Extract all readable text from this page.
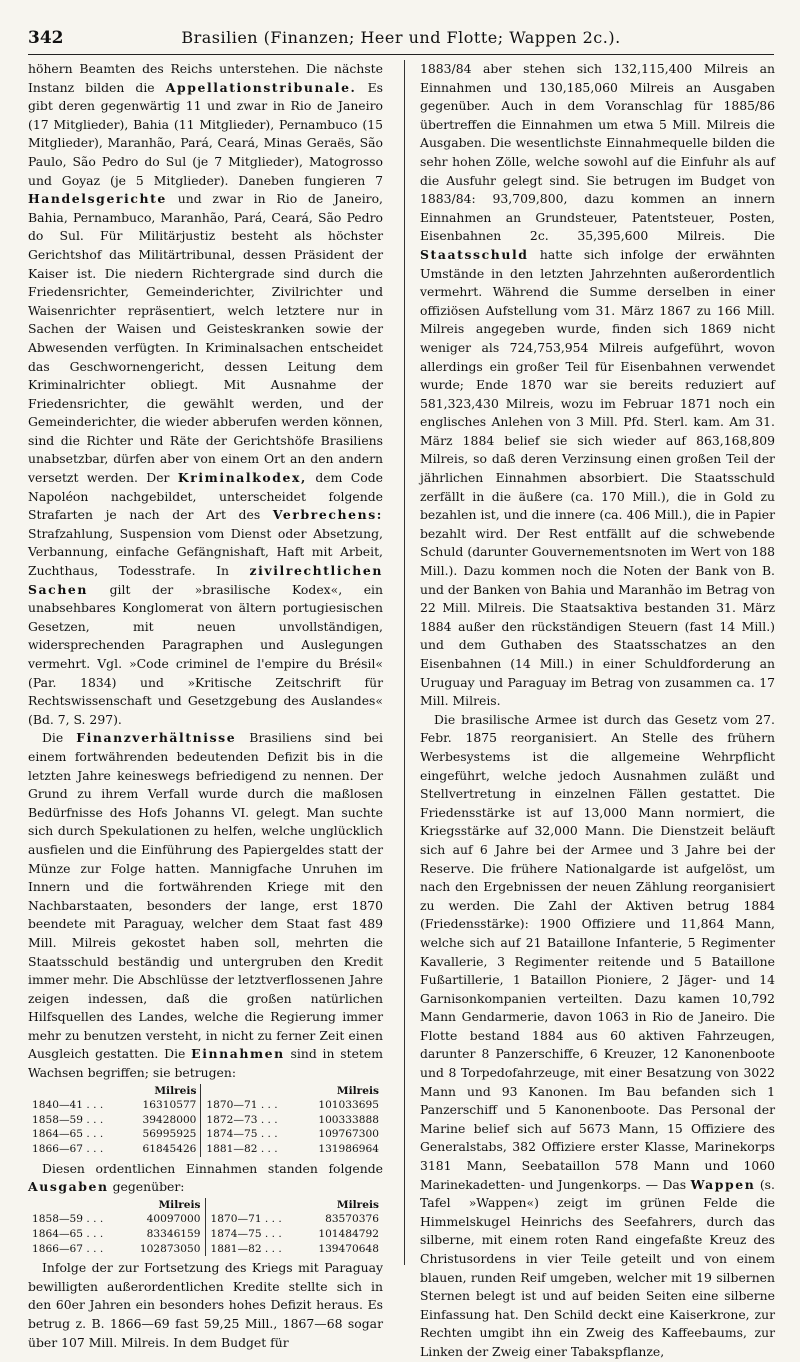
342	Brasilien (Finanzen; Heer und Flotte; Wappen 2c.).

höhern Beamten des Reichs unterstehen. Die nächste Instanz bilden die Appellationstribunale. Es gibt deren gegenwärtig 11 und zwar in Rio de Janeiro (17 Mitglieder), Bahia (11 Mitglieder), Pernambuco (15 Mitglieder), Maranhão, Pará, Ceará, Minas Geraës, São Paulo, São Pedro do Sul (je 7 Mitglieder), Matogrosso und Goyaz (je 5 Mitglieder). Daneben fungieren 7 Handelsgerichte und zwar in Rio de Janeiro, Bahia, Pernambuco, Maranhão, Pará, Ceará, São Pedro do Sul. Für Militärjustiz besteht als höchster Gerichtshof das Militärtribunal, dessen Präsident der Kaiser ist. Die niedern Richtergrade sind durch die Friedensrichter, Gemeinderichter, Zivilrichter und Waisenrichter repräsentiert, welch letztere nur in Sachen der Waisen und Geisteskranken sowie der Abwesenden verfügten. In Kriminalsachen entscheidet das Geschwornengericht, dessen Leitung dem Kriminalrichter obliegt. Mit Ausnahme der Friedensrichter, die gewählt werden, und der Gemeinderichter, die wieder abberufen werden können, sind die Richter und Räte der Gerichtshöfe Brasiliens unabsetzbar, dürfen aber von einem Ort an den andern versetzt werden. Der Kriminalkodex, dem Code Napoléon nachgebildet, unterscheidet folgende Strafarten je nach der Art des Verbrechens: Strafzahlung, Suspension vom Dienst oder Absetzung, Verbannung, einfache Gefängnishaft, Haft mit Arbeit, Zuchthaus, Todesstrafe. In zivilrechtlichen Sachen gilt der »brasilische Kodex«, ein unabsehbares Konglomerat von ältern portugiesischen Gesetzen, mit neuen unvollständigen, widersprechenden Paragraphen und Auslegungen vermehrt. Vgl. »Code criminel de l'empire du Brésil« (Par. 1834) und »Kritische Zeitschrift für Rechtswissenschaft und Gesetzgebung des Auslandes« (Bd. 7, S. 297).

Die Finanzverhältnisse Brasiliens sind bei einem fortwährenden bedeutenden Defizit bis in die letzten Jahre keineswegs befriedigend zu nennen. Der Grund zu ihrem Verfall wurde durch die maßlosen Bedürfnisse des Hofs Johanns VI. gelegt. Man suchte sich durch Spekulationen zu helfen, welche unglücklich ausfielen und die Einführung des Papiergeldes statt der Münze zur Folge hatten. Mannigfache Unruhen im Innern und die fortwährenden Kriege mit den Nachbarstaaten, besonders der lange, erst 1870 beendete mit Paraguay, welcher dem Staat fast 489 Mill. Milreis gekostet haben soll, mehrten die Staatsschuld beständig und untergruben den Kredit immer mehr. Die Abschlüsse der letztverflossenen Jahre zeigen indessen, daß die großen natürlichen Hilfsquellen des Landes, welche die Regierung immer mehr zu benutzen versteht, in nicht zu ferner Zeit einen Ausgleich gestatten. Die Einnahmen sind in stetem Wachsen begriffen; sie betrugen:

	Milreis			Milreis
1840—41 . . .	16310577		1870—71 . . .	101033695
1858—59 . . .	39428000		1872—73 . . .	100333888
1864—65 . . .	56995925		1874—75 . . .	109767300
1866—67 . . .	61845426		1881—82 . . .	131986964

Diesen ordentlichen Einnahmen standen folgende Ausgaben gegenüber:

	Milreis			Milreis
1858—59 . . .	40097000		1870—71 . . .	83570376
1864—65 . . .	83346159		1874—75 . . .	101484792
1866—67 . . .	102873050		1881—82 . . .	139470648

Infolge der zur Fortsetzung des Kriegs mit Paraguay bewilligten außerordentlichen Kredite stellte sich in den 60er Jahren ein besonders hohes Defizit heraus. Es betrug z. B. 1866—69 fast 59,25 Mill., 1867—68 sogar über 107 Mill. Milreis. In dem Budget für

1883/84 aber stehen sich 132,115,400 Milreis an Einnahmen und 130,185,060 Milreis an Ausgaben gegenüber. Auch in dem Voranschlag für 1885/86 übertreffen die Einnahmen um etwa 5 Mill. Milreis die Ausgaben. Die wesentlichste Einnahmequelle bilden die sehr hohen Zölle, welche sowohl auf die Einfuhr als auf die Ausfuhr gelegt sind. Sie betrugen im Budget von 1883/84: 93,709,800, dazu kommen an innern Einnahmen an Grundsteuer, Patentsteuer, Posten, Eisenbahnen 2c. 35,395,600 Milreis. Die Staatsschuld hatte sich infolge der erwähnten Umstände in den letzten Jahrzehnten außerordentlich vermehrt. Während die Summe derselben in einer offiziösen Aufstellung vom 31. März 1867 zu 166 Mill. Milreis angegeben wurde, finden sich 1869 nicht weniger als 724,753,954 Milreis aufgeführt, wovon allerdings ein großer Teil für Eisenbahnen verwendet wurde; Ende 1870 war sie bereits reduziert auf 581,323,430 Milreis, wozu im Februar 1871 noch ein englisches Anlehen von 3 Mill. Pfd. Sterl. kam. Am 31. März 1884 belief sie sich wieder auf 863,168,809 Milreis, so daß deren Verzinsung einen großen Teil der jährlichen Einnahmen absorbiert. Die Staatsschuld zerfällt in die äußere (ca. 170 Mill.), die in Gold zu bezahlen ist, und die innere (ca. 406 Mill.), die in Papier bezahlt wird. Der Rest entfällt auf die schwebende Schuld (darunter Gouvernementsnoten im Wert von 188 Mill.). Dazu kommen noch die Noten der Bank von B. und der Banken von Bahia und Maranhão im Betrag von 22 Mill. Milreis. Die Staatsaktiva bestanden 31. März 1884 außer den rückständigen Steuern (fast 14 Mill.) und dem Guthaben des Staatsschatzes an den Eisenbahnen (14 Mill.) in einer Schuldforderung an Uruguay und Paraguay im Betrag von zusammen ca. 17 Mill. Milreis.

Die brasilische Armee ist durch das Gesetz vom 27. Febr. 1875 reorganisiert. An Stelle des frühern Werbesystems ist die allgemeine Wehrpflicht eingeführt, welche jedoch Ausnahmen zuläßt und Stellvertretung in einzelnen Fällen gestattet. Die Friedensstärke ist auf 13,000 Mann normiert, die Kriegsstärke auf 32,000 Mann. Die Dienstzeit beläuft sich auf 6 Jahre bei der Armee und 3 Jahre bei der Reserve. Die frühere Nationalgarde ist aufgelöst, um nach den Ergebnissen der neuen Zählung reorganisiert zu werden. Die Zahl der Aktiven betrug 1884 (Friedensstärke): 1900 Offiziere und 11,864 Mann, welche sich auf 21 Bataillone Infanterie, 5 Regimenter Kavallerie, 3 Regimenter reitende und 5 Bataillone Fußartillerie, 1 Bataillon Pioniere, 2 Jäger- und 14 Garnisonkompanien verteilten. Dazu kamen 10,792 Mann Gendarmerie, davon 1063 in Rio de Janeiro. Die Flotte bestand 1884 aus 60 aktiven Fahrzeugen, darunter 8 Panzerschiffe, 6 Kreuzer, 12 Kanonenboote und 8 Torpedofahrzeuge, mit einer Besatzung von 3022 Mann und 93 Kanonen. Im Bau befanden sich 1 Panzerschiff und 5 Kanonenboote. Das Personal der Marine belief sich auf 5673 Mann, 15 Offiziere des Generalstabs, 382 Offiziere erster Klasse, Marinekorps 3181 Mann, Seebataillon 578 Mann und 1060 Marinekadetten- und Jungenkorps. — Das Wappen (s. Tafel »Wappen«) zeigt im grünen Felde die Himmelskugel Heinrichs des Seefahrers, durch das silberne, mit einem roten Rand eingefaßte Kreuz des Christusordens in vier Teile geteilt und von einem blauen, runden Reif umgeben, welcher mit 19 silbernen Sternen belegt ist und auf beiden Seiten eine silberne Einfassung hat. Den Schild deckt eine Kaiserkrone, zur Rechten umgibt ihn ein Zweig des Kaffeebaums, zur Linken der Zweig einer Tabakspflanze,
